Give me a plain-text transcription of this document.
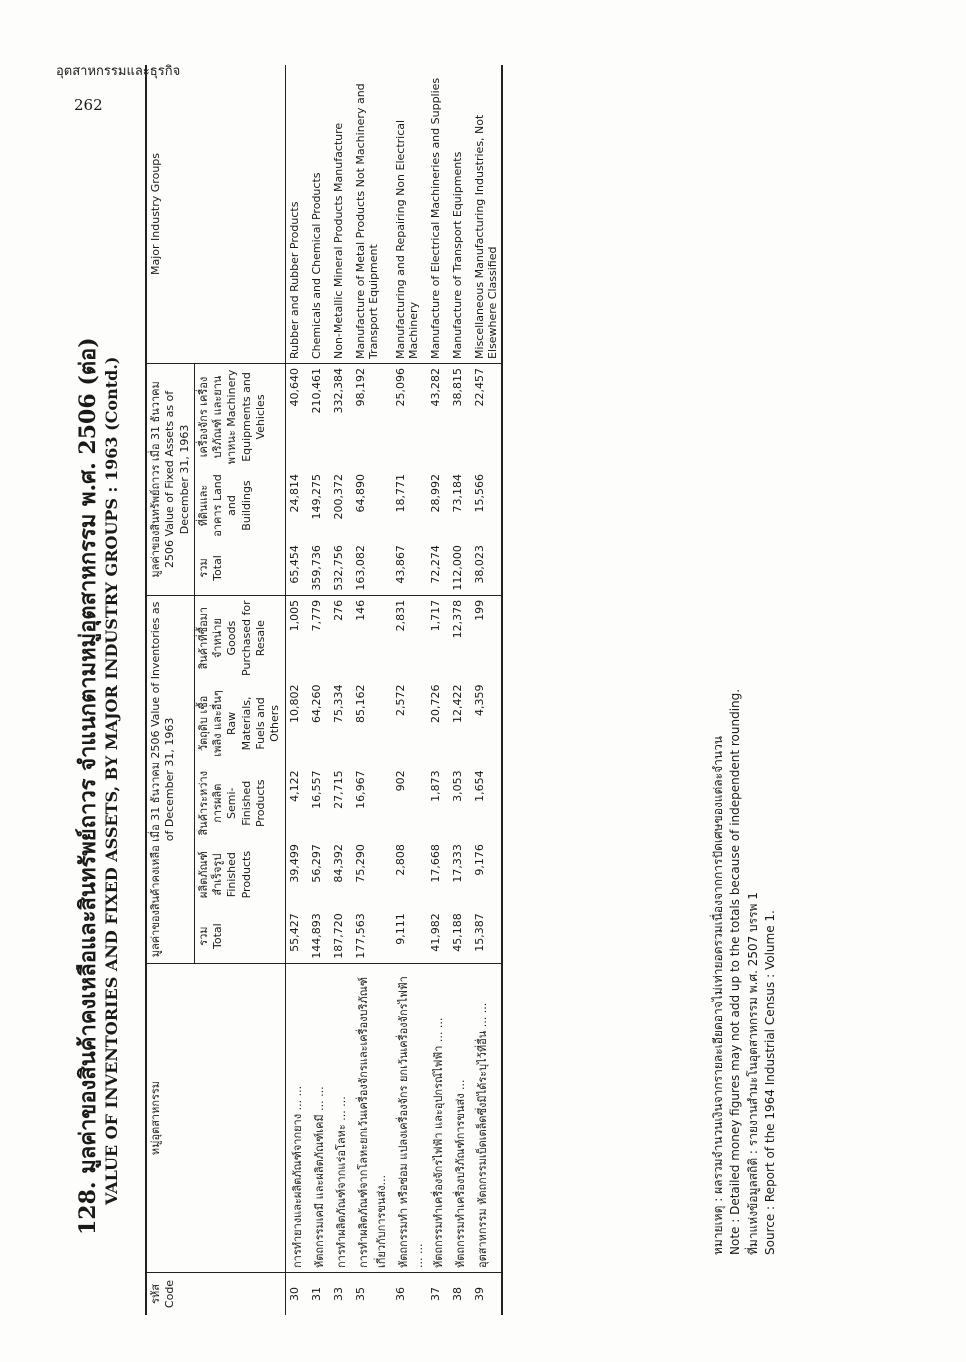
อุตสาหกรรมและธุรกิจ
262
128. มูลค่าของสินค้าคงเหลือและสินทรัพย์ถาวร จำแนกตามหมู่อุตสาหกรรม พ.ศ. 2506 (ต่อ) VALUE OF INVENTORIES AND FIXED ASSETS, BY MAJOR INDUSTRY GROUPS : 1963 (Contd.)
รหัส Code	หมู่อุตสาหกรรม	มูลค่าของสินค้าคงเหลือ เมื่อ 31 ธันวาคม 2506 Value of Inventories as of December 31, 1963					มูลค่าของสินทรัพย์ถาวร เมื่อ 31 ธันวาคม 2506 Value of Fixed Assets as of December 31, 1963			Major Industry Groups
		รวม Total	ผลิตภัณฑ์สำเร็จรูป Finished Products	สินค้าระหว่างการผลิต Semi-Finished Products	วัตถุดิบ เชื้อเพลิง และอื่นๆ Raw Materials, Fuels and Others	สินค้าที่ซื้อมาจำหน่าย Goods Purchased for Resale	รวม Total	ที่ดินและอาคาร Land and Buildings	เครื่องจักร เครื่องบริภัณฑ์ และยานพาหนะ Machinery Equipments and Vehicles	
30	การทำยางและผลิตภัณฑ์จากยาง ... ...	55,427	39,499	4,122	10,802	1,005	65,454	24,814	40,640	Rubber and Rubber Products
31	หัตถกรรมเคมี และผลิตภัณฑ์เคมี ... ...	144,893	56,297	16,557	64,260	7,779	359,736	149,275	210,461	Chemicals and Chemical Products
33	การทำผลิตภัณฑ์จากแร่อโลหะ ... ...	187,720	84,392	27,715	75,334	276	532,756	200,372	332,384	Non-Metallic Mineral Products Manufacture
35	การทำผลิตภัณฑ์จากโลหะยกเว้นเครื่องจักรและเครื่องบริภัณฑ์เกี่ยวกับการขนส่ง...	177,563	75,290	16,967	85,162	146	163,082	64,890	98,192	Manufacture of Metal Products Not Machinery and Transport Equipment
36	หัตถกรรมทำ หรือซ่อม แปลงเครื่องจักร ยกเว้นเครื่องจักรไฟฟ้า ... ...	9,111	2,808	902	2,572	2,831	43,867	18,771	25,096	Manufacturing and Repairing Non Electrical Machinery
37	หัตถกรรมทำเครื่องจักรไฟฟ้า และอุปกรณ์ไฟฟ้า ... ...	41,982	17,668	1,873	20,726	1,717	72,274	28,992	43,282	Manufacture of Electrical Machineries and Supplies
38	หัตถกรรมทำเครื่องบริภัณฑ์การขนส่ง ...	45,188	17,333	3,053	12,422	12,378	112,000	73,184	38,815	Manufacture of Transport Equipments
39	อุตสาหกรรม หัตถกรรมเบ็ดเตล็ดซึ่งมิได้ระบุไว้ที่อื่น ... ...	15,387	9,176	1,654	4,359	199	38,023	15,566	22,457	Miscellaneous Manufacturing Industries, Not Elsewhere Classified
หมายเหตุ : ผลรวมจำนวนเงินจากรายละเอียดอาจไม่เท่ายอดรวมเนื่องจากการปัดเศษของแต่ละจำนวน Note : Detailed money figures may not add up to the totals because of independent rounding. ที่มาแห่งข้อมูลสถิติ : รายงานสำมะโนอุตสาหกรรม พ.ศ. 2507 บรรพ 1 Source : Report of the 1964 Industrial Census : Volume 1.
